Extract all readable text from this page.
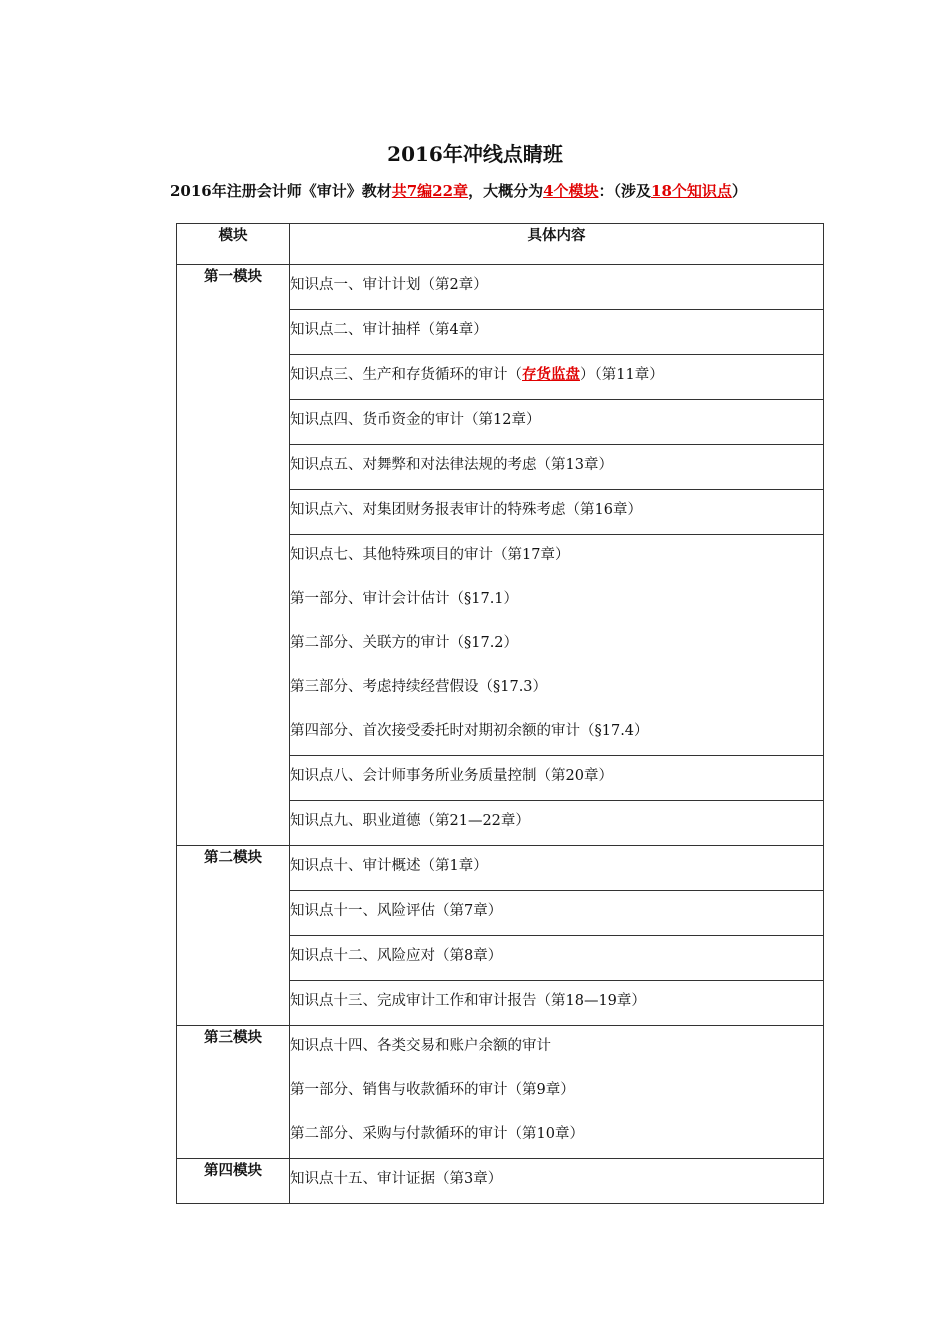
2016年冲线点睛班
2016年注册会计师《审计》教材共7编22章，大概分为4个模块：（涉及18个知识点）
模块	具体内容
第一模块	知识点一、审计计划（第2章）

	知识点二、审计抽样（第4章）

	知识点三、生产和存货循环的审计（存货监盘）（第11章）

	知识点四、货币资金的审计（第12章）

	知识点五、对舞弊和对法律法规的考虑（第13章）

	知识点六、对集团财务报表审计的特殊考虑（第16章）

	知识点七、其他特殊项目的审计（第17章）
第一部分、审计会计估计（§17.1）
第二部分、关联方的审计（§17.2）
第三部分、考虑持续经营假设（§17.3）
第四部分、首次接受委托时对期初余额的审计（§17.4）

	知识点八、会计师事务所业务质量控制（第20章）

	知识点九、职业道德（第21—22章）

第二模块	知识点十、审计概述（第1章）

	知识点十一、风险评估（第7章）

	知识点十二、风险应对（第8章）

	知识点十三、完成审计工作和审计报告（第18—19章）

第三模块	知识点十四、各类交易和账户余额的审计
第一部分、销售与收款循环的审计（第9章）
第二部分、采购与付款循环的审计（第10章）

第四模块	知识点十五、审计证据（第3章）
